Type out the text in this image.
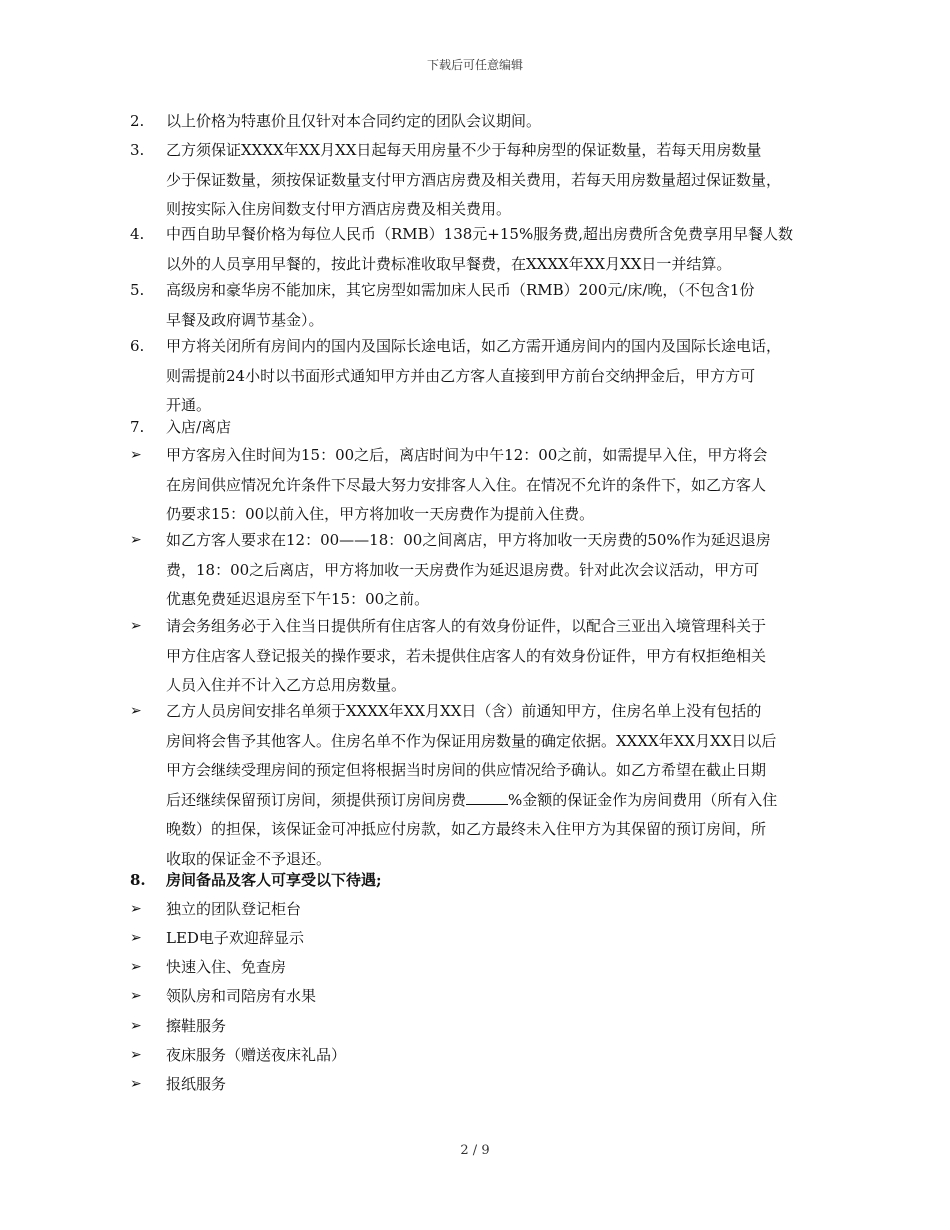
下载后可任意编辑
2.	以上价格为特惠价且仅针对本合同约定的团队会议期间。
3.	乙方须保证XXXX年XX月XX日起每天用房量不少于每种房型的保证数量，若每天用房数量
少于保证数量，须按保证数量支付甲方酒店房费及相关费用，若每天用房数量超过保证数量，
则按实际入住房间数支付甲方酒店房费及相关费用。
4.	中西自助早餐价格为每位人民币（RMB）138元+15%服务费,超出房费所含免费享用早餐人数
以外的人员享用早餐的，按此计费标准收取早餐费，在XXXX年XX月XX日一并结算。
5.	高级房和豪华房不能加床，其它房型如需加床人民币（RMB）200元/床/晚，（不包含1份
早餐及政府调节基金）。
6.	甲方将关闭所有房间内的国内及国际长途电话，如乙方需开通房间内的国内及国际长途电话，
则需提前24小时以书面形式通知甲方并由乙方客人直接到甲方前台交纳押金后，甲方方可
开通。
7.	入店/离店
➢	甲方客房入住时间为15：00之后，离店时间为中午12：00之前，如需提早入住，甲方将会
在房间供应情况允许条件下尽最大努力安排客人入住。在情况不允许的条件下，如乙方客人
仍要求15：00以前入住，甲方将加收一天房费作为提前入住费。
➢	如乙方客人要求在12：00——18：00之间离店，甲方将加收一天房费的50%作为延迟退房
费，18：00之后离店，甲方将加收一天房费作为延迟退房费。针对此次会议活动，甲方可
优惠免费延迟退房至下午15：00之前。
➢	请会务组务必于入住当日提供所有住店客人的有效身份证件，以配合三亚出入境管理科关于
甲方住店客人登记报关的操作要求，若未提供住店客人的有效身份证件，甲方有权拒绝相关
人员入住并不计入乙方总用房数量。
➢	乙方人员房间安排名单须于XXXX年XX月XX日（含）前通知甲方，住房名单上没有包括的
房间将会售予其他客人。住房名单不作为保证用房数量的确定依据。XXXX年XX月XX日以后
甲方会继续受理房间的预定但将根据当时房间的供应情况给予确认。如乙方希望在截止日期
后还继续保留预订房间，须提供预订房间房费	%金额的保证金作为房间费用（所有入住
晚数）的担保，该保证金可冲抵应付房款，如乙方最终未入住甲方为其保留的预订房间，所
收取的保证金不予退还。
8.	房间备品及客人可享受以下待遇;
➢	独立的团队登记柜台
➢	LED电子欢迎辞显示
➢	快速入住、免查房
➢	领队房和司陪房有水果
➢	擦鞋服务
➢	夜床服务（赠送夜床礼品）
➢	报纸服务
2 / 9
